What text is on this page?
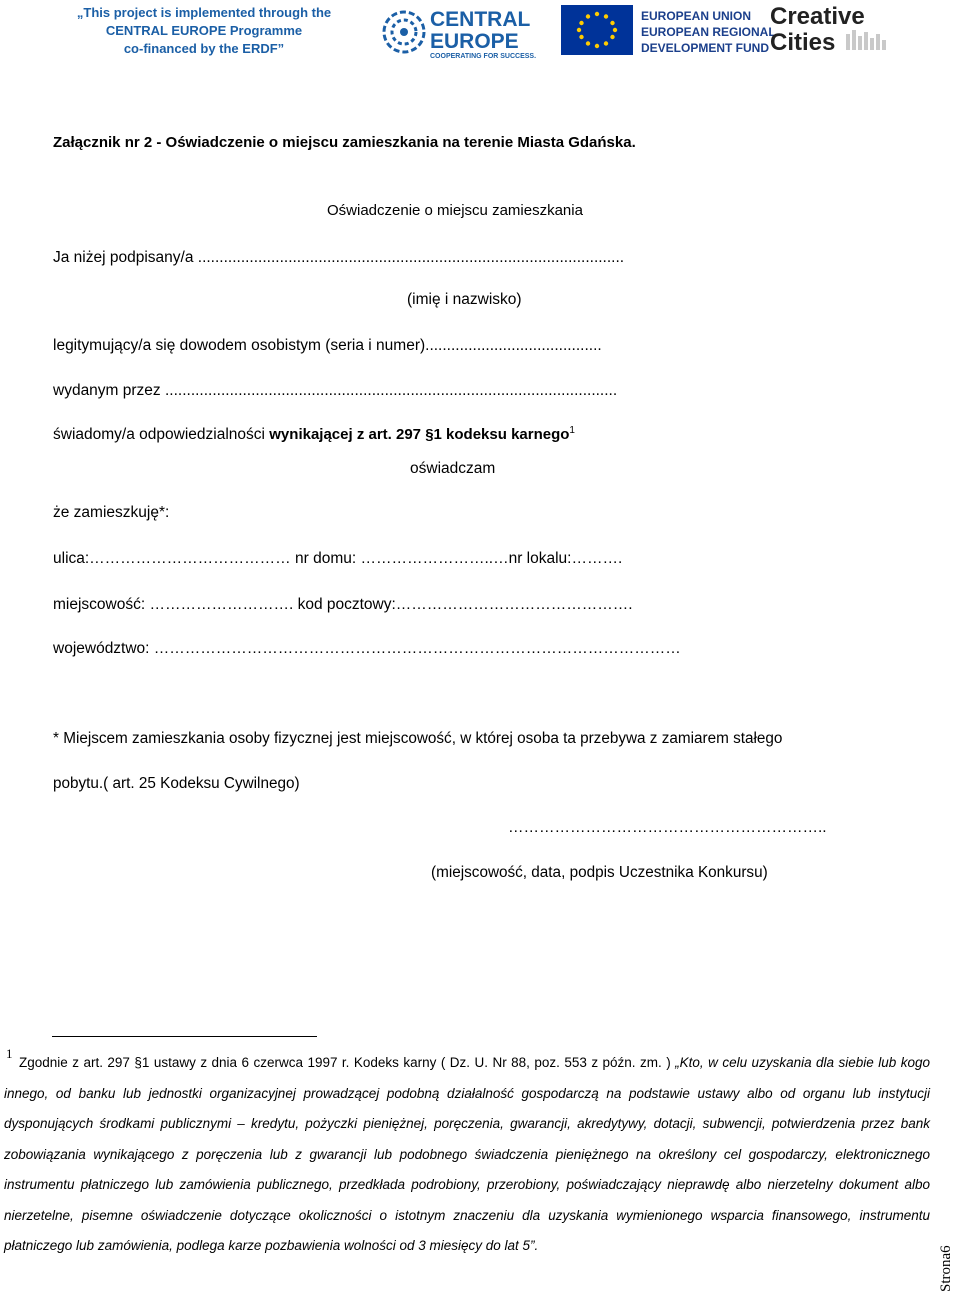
„This project is implemented through the
CENTRAL EUROPE Programme
co-financed by the ERDF”
CENTRAL
EUROPE
COOPERATING FOR SUCCESS.
EUROPEAN UNION
EUROPEAN REGIONAL
DEVELOPMENT FUND
Creative
Cities
Załącznik nr 2 - Oświadczenie o miejscu zamieszkania na terenie Miasta Gdańska.
Oświadczenie o miejscu zamieszkania
Ja niżej podpisany/a ...................................................................................................
(imię i nazwisko)
legitymujący/a się dowodem osobistym (seria i numer).........................................
wydanym przez .........................................................................................................
świadomy/a odpowiedzialności wynikającej z art. 297 §1 kodeksu karnego$^1$
oświadczam
że zamieszkuję*:
ulica:………………………………… nr domu: ……………………..…nr lokalu:……….
miejscowość: ………………………. kod pocztowy:……………………………………….
województwo: …………………………………………………………………………………………
* Miejscem zamieszkania osoby fizycznej jest miejscowość, w której osoba ta przebywa z zamiarem stałego
pobytu.( art. 25 Kodeksu Cywilnego)
……………………………………………………..
(miejscowość, data, podpis Uczestnika Konkursu)
1
Zgodnie z art. 297 §1 ustawy z dnia 6 czerwca 1997 r. Kodeks karny ( Dz. U. Nr 88, poz. 553 z późn. zm. ) „Kto, w celu uzyskania dla siebie lub kogo innego, od banku lub jednostki organizacyjnej prowadzącej podobną działalność gospodarczą na podstawie ustawy albo od organu lub instytucji dysponujących środkami publicznymi – kredytu, pożyczki pieniężnej, poręczenia, gwarancji, akredytywy, dotacji, subwencji, potwierdzenia przez bank zobowiązania wynikającego z poręczenia lub z gwarancji lub podobnego świadczenia pieniężnego na określony cel gospodarczy, elektronicznego instrumentu płatniczego lub zamówienia publicznego, przedkłada podrobiony, przerobiony, poświadczający nieprawdę albo nierzetelny dokument albo nierzetelne, pisemne oświadczenie dotyczące okoliczności o istotnym znaczeniu dla uzyskania wymienionego wsparcia finansowego, instrumentu płatniczego lub zamówienia, podlega karze pozbawienia wolności od 3 miesięcy do lat 5”.	Strona6
